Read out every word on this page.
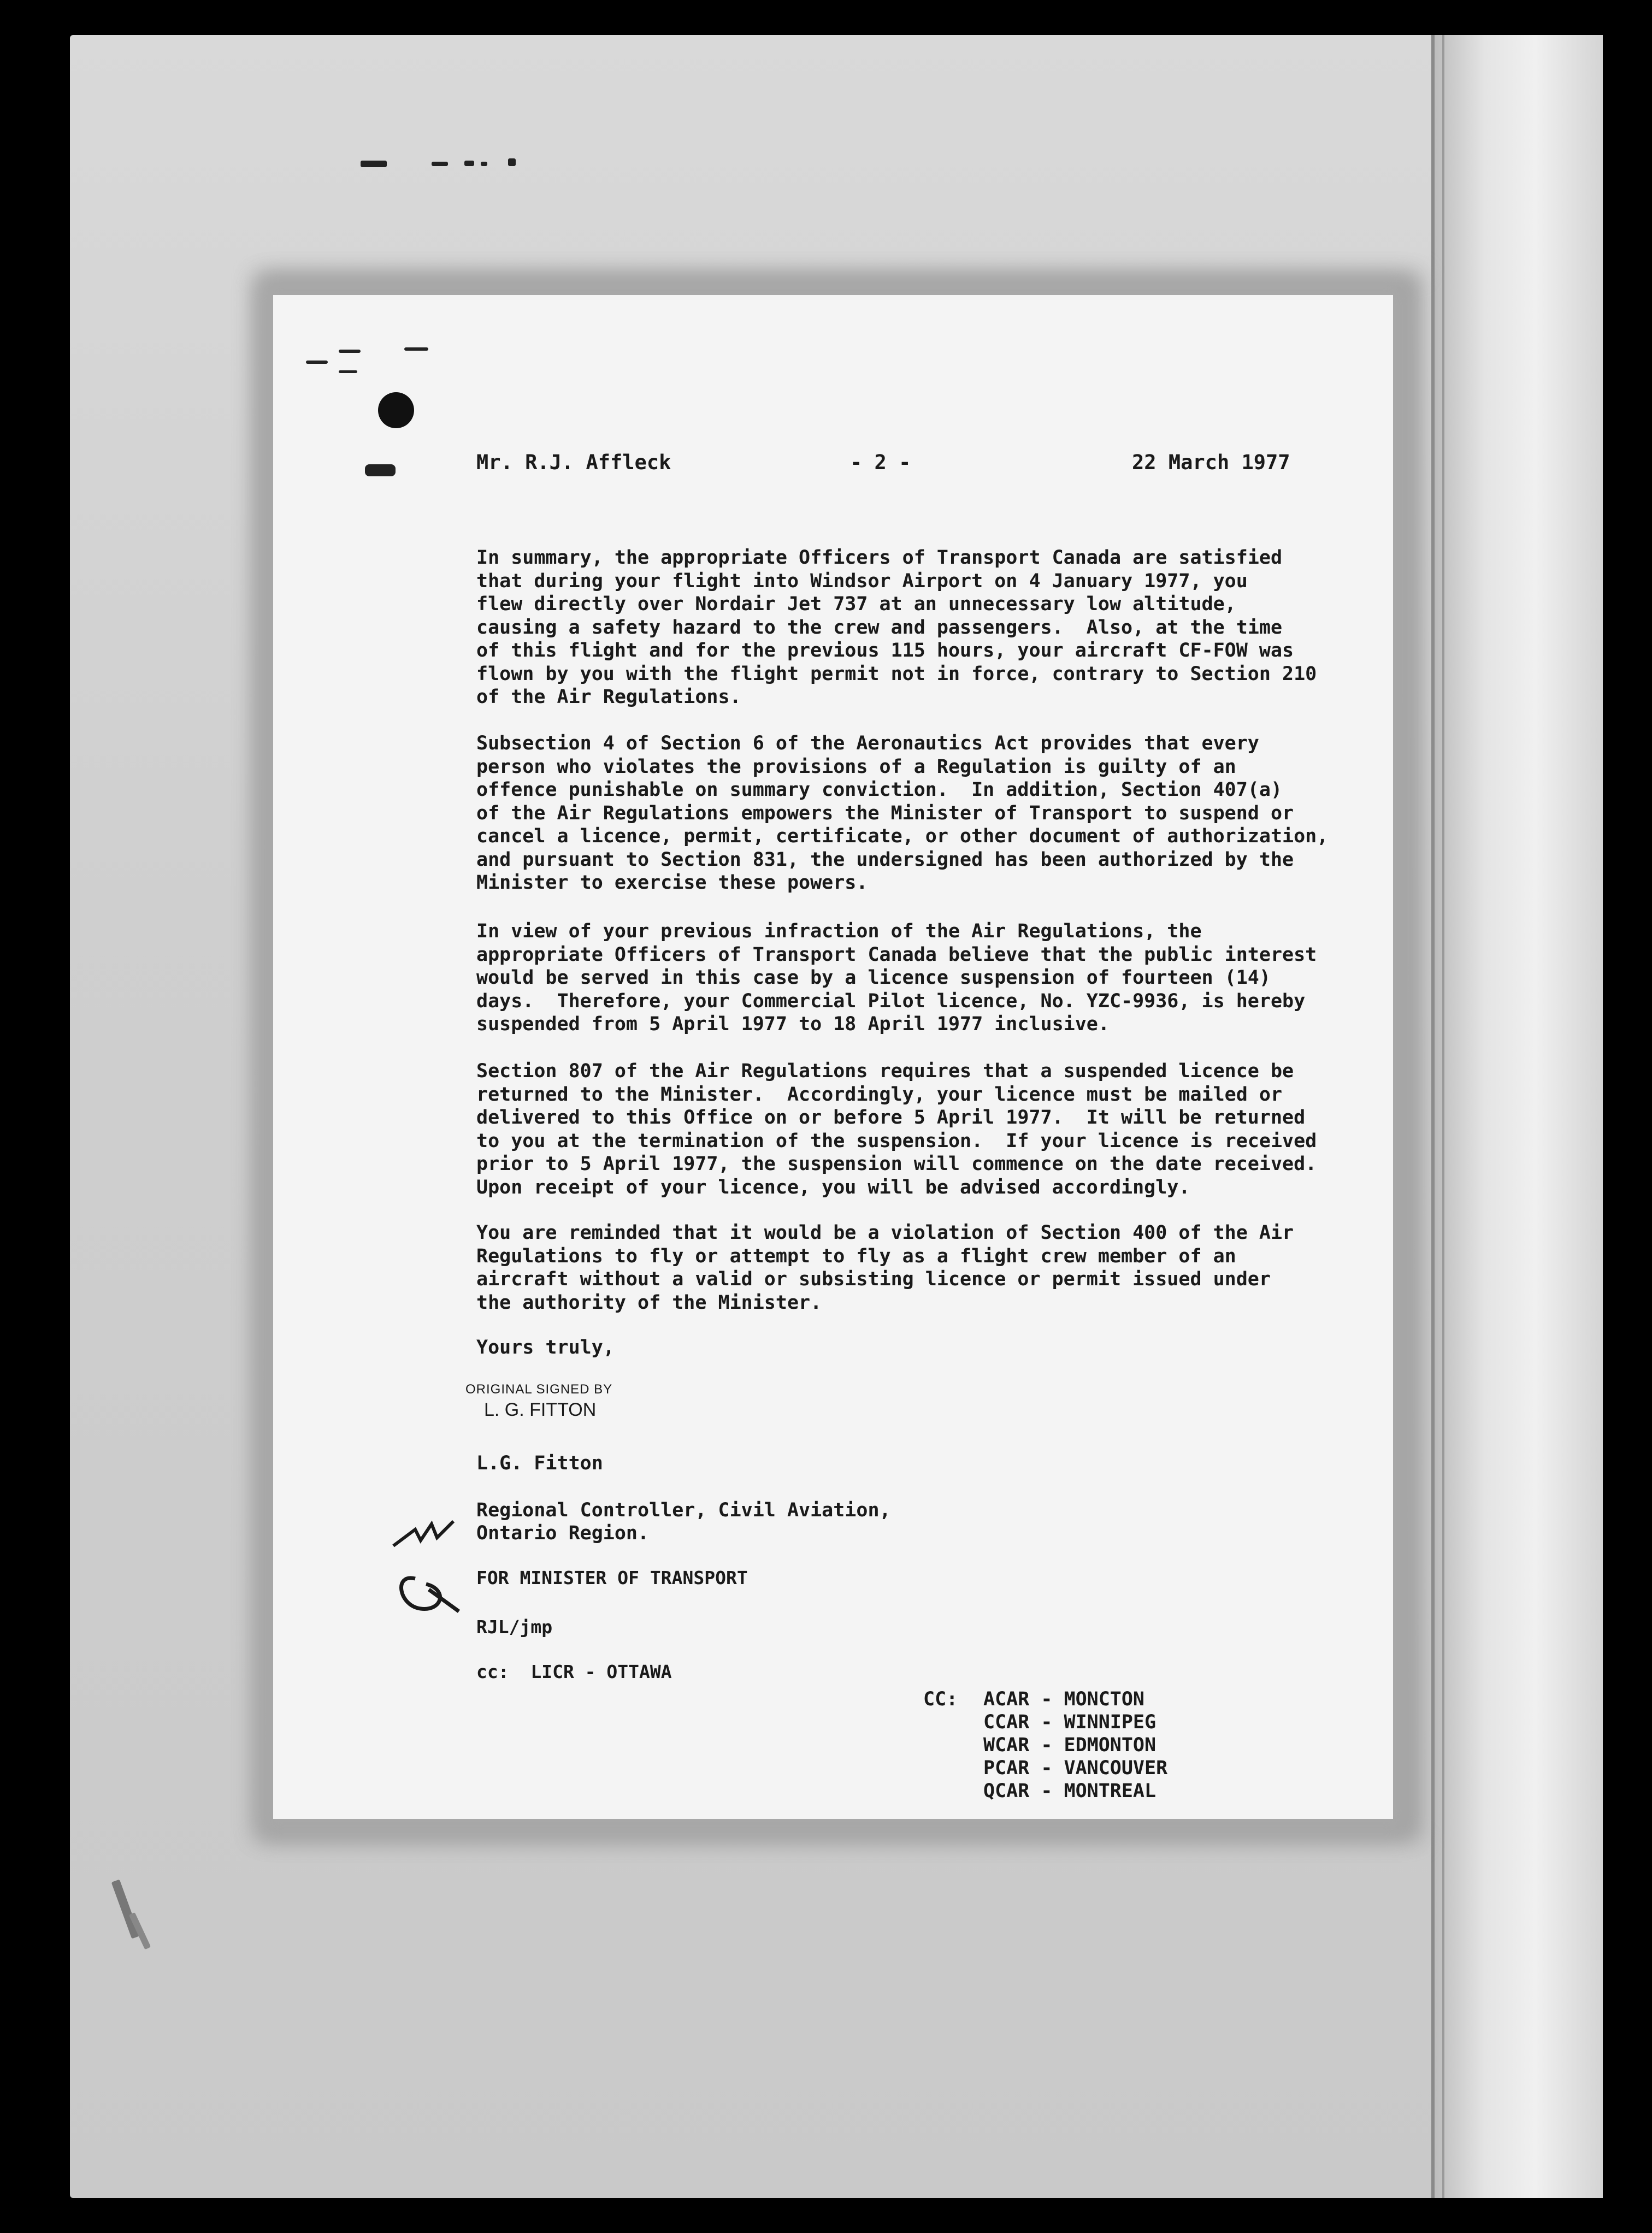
Mr. R.J. Affleck	- 2 -	22 March 1977
In summary, the appropriate Officers of Transport Canada are satisfied
that during your flight into Windsor Airport on 4 January 1977, you
flew directly over Nordair Jet 737 at an unnecessary low altitude,
causing a safety hazard to the crew and passengers.  Also, at the time
of this flight and for the previous 115 hours, your aircraft CF-FOW was
flown by you with the flight permit not in force, contrary to Section 210
of the Air Regulations.
Subsection 4 of Section 6 of the Aeronautics Act provides that every
person who violates the provisions of a Regulation is guilty of an
offence punishable on summary conviction.  In addition, Section 407(a)
of the Air Regulations empowers the Minister of Transport to suspend or
cancel a licence, permit, certificate, or other document of authorization,
and pursuant to Section 831, the undersigned has been authorized by the
Minister to exercise these powers.
In view of your previous infraction of the Air Regulations, the
appropriate Officers of Transport Canada believe that the public interest
would be served in this case by a licence suspension of fourteen (14)
days.  Therefore, your Commercial Pilot licence, No. YZC-9936, is hereby
suspended from 5 April 1977 to 18 April 1977 inclusive.
Section 807 of the Air Regulations requires that a suspended licence be
returned to the Minister.  Accordingly, your licence must be mailed or
delivered to this Office on or before 5 April 1977.  It will be returned
to you at the termination of the suspension.  If your licence is received
prior to 5 April 1977, the suspension will commence on the date received.
Upon receipt of your licence, you will be advised accordingly.
You are reminded that it would be a violation of Section 400 of the Air
Regulations to fly or attempt to fly as a flight crew member of an
aircraft without a valid or subsisting licence or permit issued under
the authority of the Minister.
Yours truly,
ORIGINAL SIGNED BY
L. G. FITTON
L.G. Fitton
Regional Controller, Civil Aviation,
Ontario Region.
FOR MINISTER OF TRANSPORT
RJL/jmp
cc:  LICR - OTTAWA
CC: ACAR - MONCTON
CCAR - WINNIPEG
WCAR - EDMONTON
PCAR - VANCOUVER
QCAR - MONTREAL
